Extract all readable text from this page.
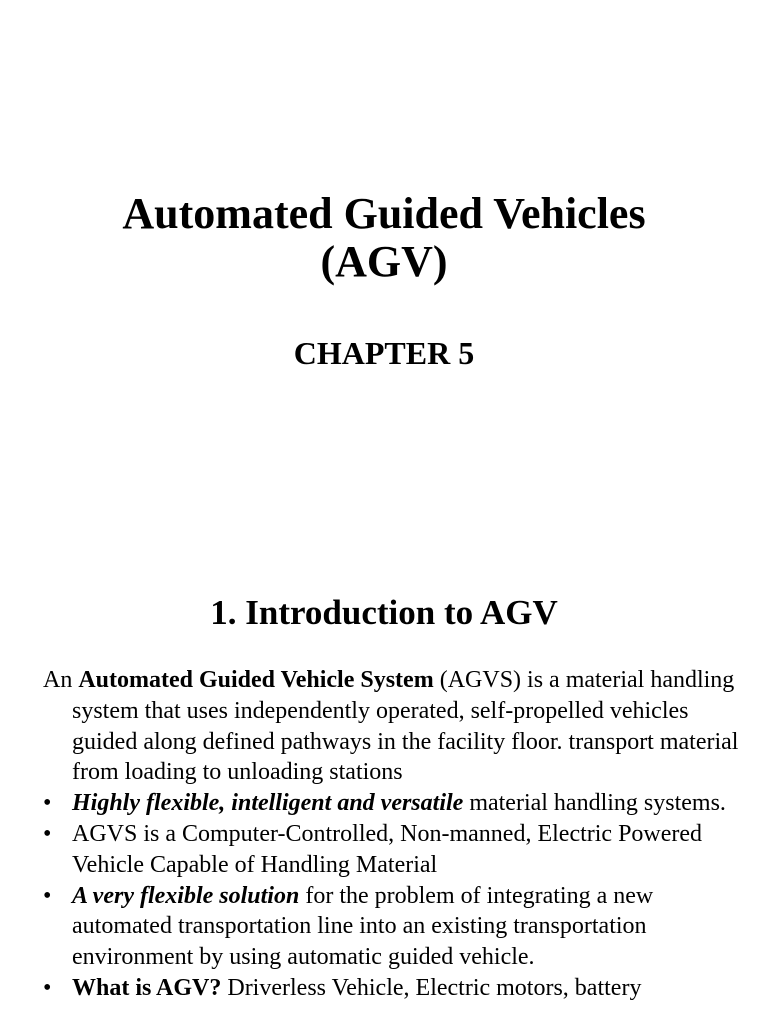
Automated Guided Vehicles
(AGV)
CHAPTER 5
1. Introduction to AGV

An Automated Guided Vehicle System (AGVS) is a material handling system that uses independently operated, self-propelled vehicles guided along defined pathways in the facility floor. transport material from loading to unloading stations

• Highly flexible, intelligent and versatile material handling systems.

• AGVS is a Computer-Controlled, Non-manned, Electric Powered Vehicle Capable of Handling Material

• A very flexible solution for the problem of integrating a new automated transportation line into an existing transportation environment by using automatic guided vehicle.

• What is AGV? Driverless Vehicle, Electric motors, battery
